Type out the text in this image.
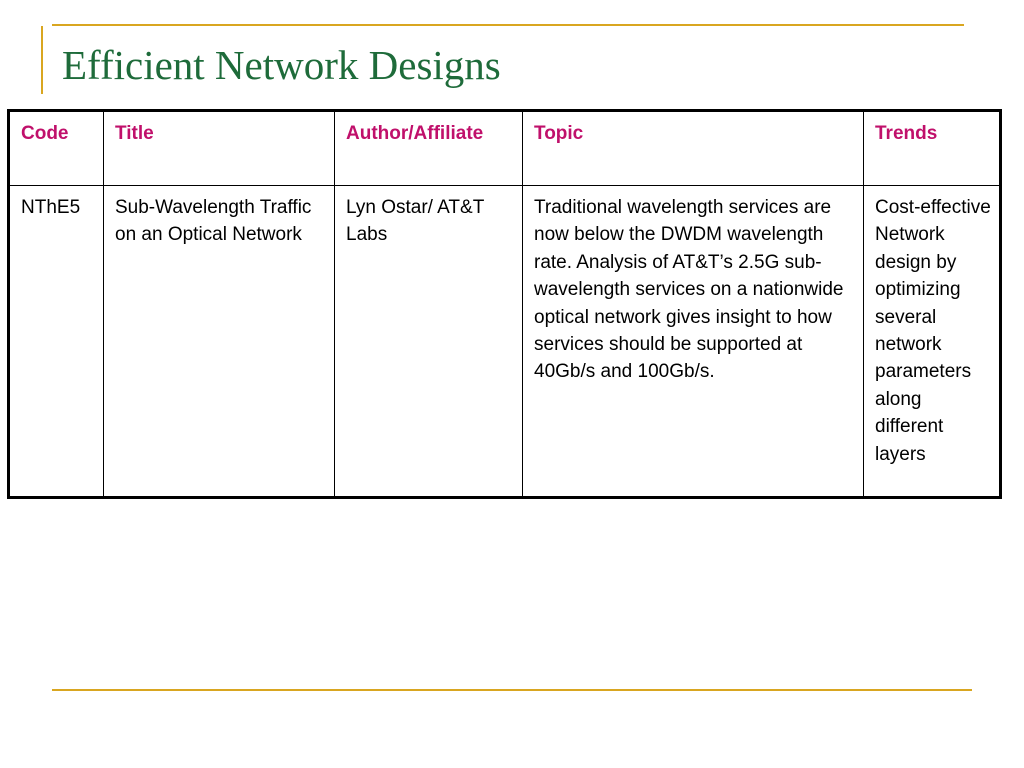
Efficient Network Designs
Code	Title	Author/Affiliate	Topic	Trends
NThE5	Sub-Wavelength Traffic on an Optical Network	Lyn Ostar/ AT&T Labs	Traditional wavelength services are now below the DWDM wavelength rate. Analysis of AT&T’s 2.5G sub-wavelength services on a nationwide optical network gives insight to how services should be supported at 40Gb/s and 100Gb/s.	Cost-effective Network design by optimizing several network parameters along different layers
